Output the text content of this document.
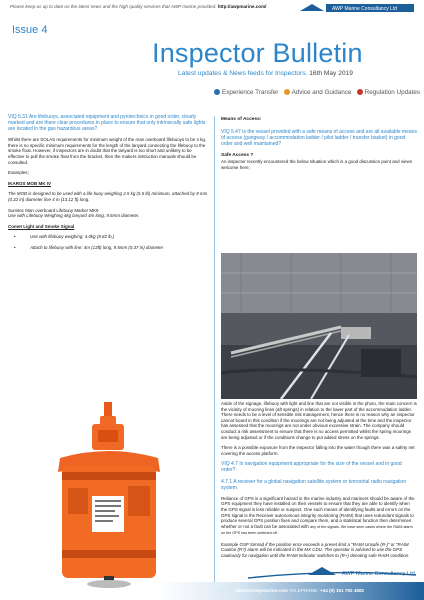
Please keep us up to date on the latest news and the high quality services that AWP marine provided. http://awpmarine.com/	AWP Marine Consultancy Ltd
Issue 4
Inspector Bulletin
Latest updates & News feeds for Inspectors. 16th May 2019
Experience Transfer Advice and Guidance Regulation Updates

VIQ 5.31 Are lifebuoys, associated equipment and pyrotechnics in good order, clearly marked and are there clear procedures in place to ensure that only intrinsically safe lights are located in the gas hazardous areas?

Whilst there are SOLAS requirements for minimum weight of the man overboard lifebuoys to be 4 kg, there is no specific minimum requirements for the length of the lanyard connecting the lifebuoy to the smoke float. However, if inspectors are in doubt that the lanyard is too short and unlikely to be effective to pull the smoke float from the bracket, then the makers instruction manuals should be consulted.

Examples;

IKAROS MOB MK IV

The MOB is designed to be used with a life buoy weighing 2.5 kg (5.5 lb) minimum, attached by 8 mm (0.32 in) diameter line 4 m (13.12 ft) long.

Survitec Man overboard Lifebuoy Marker MK9

Use with Lifebuoy Weighing 4kg lanyard 4m long, 9.5mm diameter.

Comet Light and Smoke Signal
•	Use with lifebuoy weighing: 4.0kg (8.82 lb.)
•	Attach to lifebuoy with line: 4m (13ft) long, 9.5mm (0.37 in) diameter
Means of Access:

VIQ 5.47 Is the vessel provided with a safe means of access and are all available means of access (gangway / accommodation ladder / pilot ladder / transfer basket) in good order and well maintained?

Safe Access ?

An inspector recently encountered the below situation which is a good discussion point and views welcome here;

Aside of the signage, lifebuoy with light and line that are not visible in the photo, the main concern is the vicinity of mooring lines (aft springs) in relation to the lower part of the accommodation ladder. There needs to be a level of sensible risk management, hence there is no reason why an inspector cannot board in this condition if the moorings are not being adjusted at the time and the inspector has assessed that the moorings are not under obvious excessive strain. The company should conduct a risk assessment to ensure that there is no access permitted whilst the spring moorings are being adjusted or if the conditions change to put added stress on the springs.

There is a possible exposure from the inspector falling into the water though there was a safety net covering the access platform.

VIQ 4.7 Is navigation equipment appropriate for the size of the vessel and in good order?

4.7.1 A receiver for a global navigation satellite system or terrestrial radio navigation system.

Reliance of GPS is a significant hazard in the marine industry and mariners should be aware of the GPS equipment they have installed on their vessels to ensure that they are able to identify when the GPS signal is less reliable or suspect. One such means of identifying faults and errors on the GPS signal is the Receiver autonomous integrity monitoring (RAIM) that uses redundant signals to produce several GPS position fixes and compare them, and a statistical function then determines whether or not a fault can be associated with any of the signals. We have seen cases where the RAIM alarm on the GPS has been switched off.

Example GSP Simrad if the position error exceeds a preset limit a "RAIM Unsafe (R-)" or "RAIM Caution (R?) alarm will be indicated in the MX CDU. The operator is advised to use the GPS cautiously for navigation until the RAIM indicator switches to (R+) denoting safe RAIM condition.

AWP Marine Consultancy Ltd
EMAIL: admin@awpmarine.com TELEPHONE: +44 (0) 151 792 4882
